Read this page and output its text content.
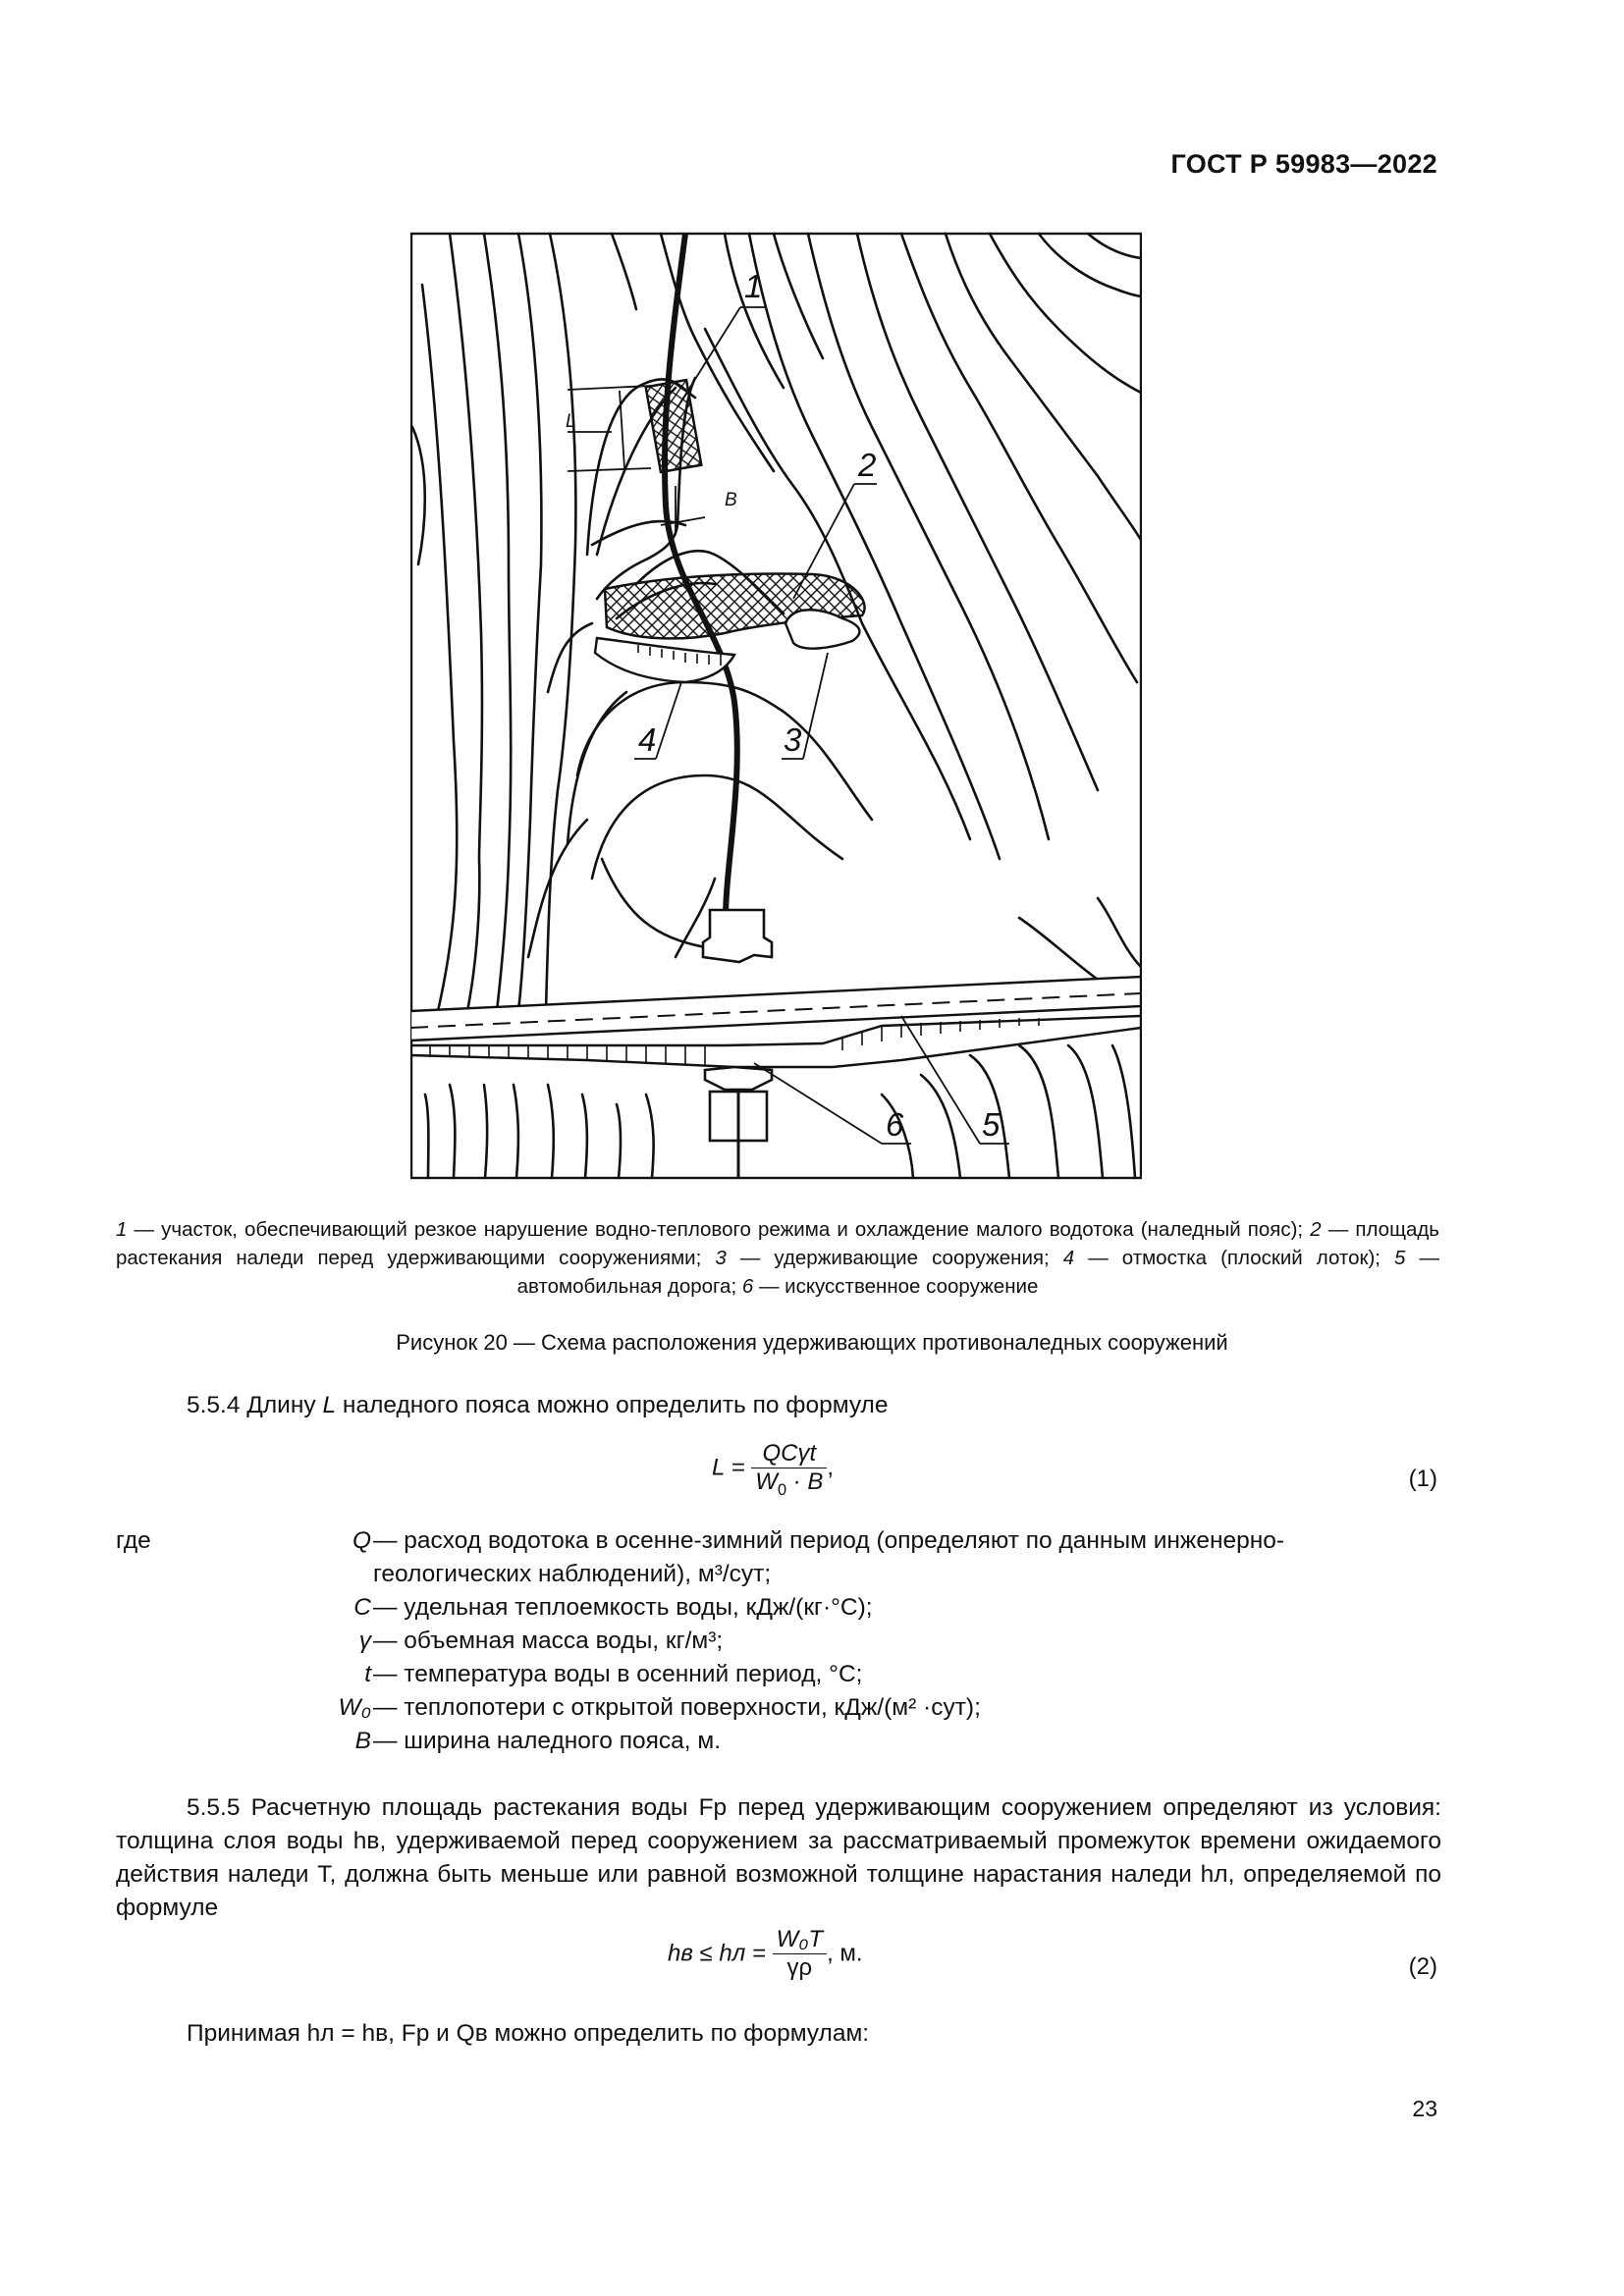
ГОСТ Р 59983—2022
1
2
3
4
5
6
L
B
1 — участок, обеспечивающий резкое нарушение водно-теплового режима и охлаждение малого водотока (наледный пояс); 2 — площадь растекания наледи перед удерживающими сооружениями; 3 — удерживающие сооружения; 4 — отмостка (плоский лоток); 5 — автомобильная дорога; 6 — искусственное сооружение
Рисунок 20 — Схема расположения удерживающих противоналедных сооружений
5.5.4 Длину L наледного пояса можно определить по формуле
$L = \frac{\text{QCγt}}{W_0 \cdot B}$ ,	(1)
где	Q — расход водотока в осенне-зимний период (определяют по данным инженерно-геологических наблюдений), м³/сут;
C — удельная теплоемкость воды, кДж/(кг·°С);
γ — объемная масса воды, кг/м³;
t — температура воды в осенний период, °С;
W₀ — теплопотери с открытой поверхности, кДж/(м² ·сут);
B — ширина наледного пояса, м.
5.5.5 Расчетную площадь растекания воды Fр перед удерживающим сооружением определяют из условия: толщина слоя воды hв, удерживаемой перед сооружением за рассматриваемый промежуток времени ожидаемого действия наледи T, должна быть меньше или равной возможной толщине нарастания наледи hл, определяемой по формуле
hв ≤ hл = $\frac{\text{W₀T}}{\gamma\rho}$ , м.	(2)
Принимая hл = hв, Fр и Qв можно определить по формулам:
23
